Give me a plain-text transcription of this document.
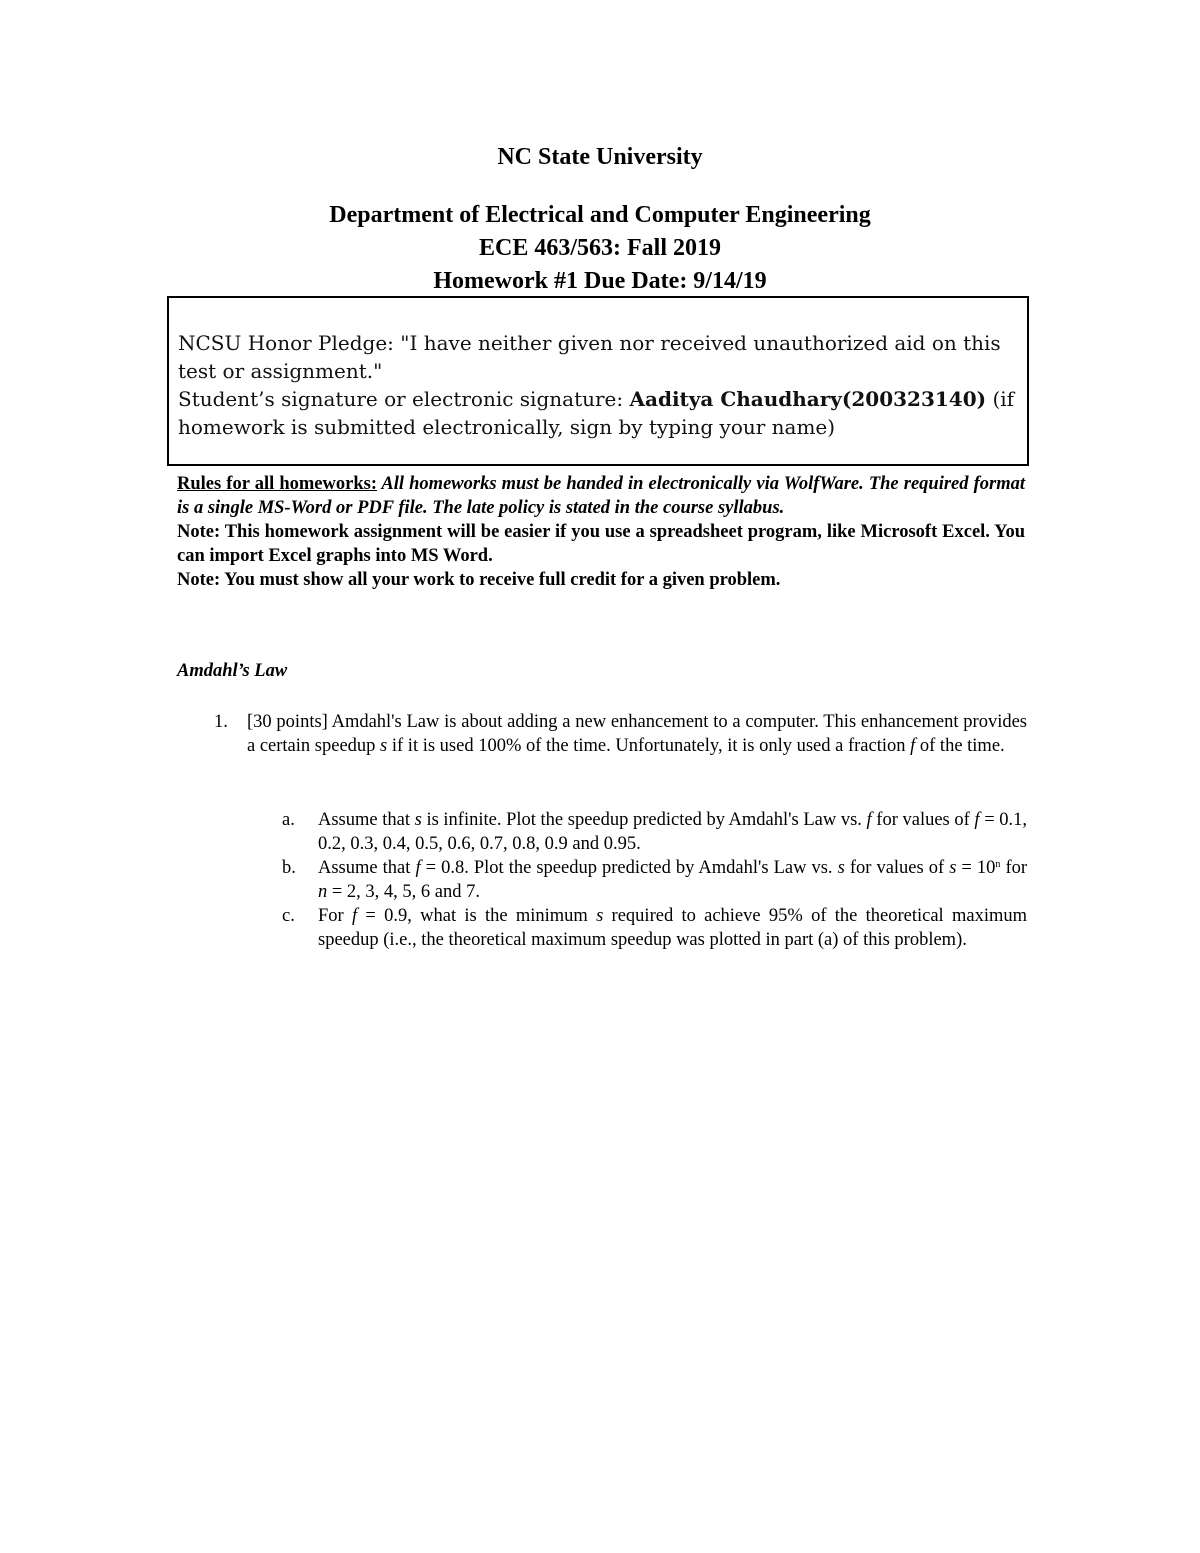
NC State University
Department of Electrical and Computer Engineering
ECE 463/563: Fall 2019
Homework #1 Due Date: 9/14/19
NCSU Honor Pledge: "I have neither given nor received unauthorized aid on this test or assignment."
Student’s signature or electronic signature: Aaditya Chaudhary(200323140) (if homework is submitted electronically, sign by typing your name)

Rules for all homeworks: All homeworks must be handed in electronically via WolfWare. The required format is a single MS-Word or PDF file. The late policy is stated in the course syllabus.

Note: This homework assignment will be easier if you use a spreadsheet program, like Microsoft Excel. You can import Excel graphs into MS Word.

Note: You must show all your work to receive full credit for a given problem.

Amdahl’s Law
1. [30 points] Amdahl's Law is about adding a new enhancement to a computer. This enhancement provides a certain speedup s if it is used 100% of the time. Unfortunately, it is only used a fraction f of the time.
a. Assume that s is infinite. Plot the speedup predicted by Amdahl's Law vs. f for values of f = 0.1, 0.2, 0.3, 0.4, 0.5, 0.6, 0.7, 0.8, 0.9 and 0.95.
b. Assume that f = 0.8. Plot the speedup predicted by Amdahl's Law vs. s for values of $s = 10^n$ for n = 2, 3, 4, 5, 6 and 7.
c. For f = 0.9, what is the minimum s required to achieve 95% of the theoretical maximum speedup (i.e., the theoretical maximum speedup was plotted in part (a) of this problem).
